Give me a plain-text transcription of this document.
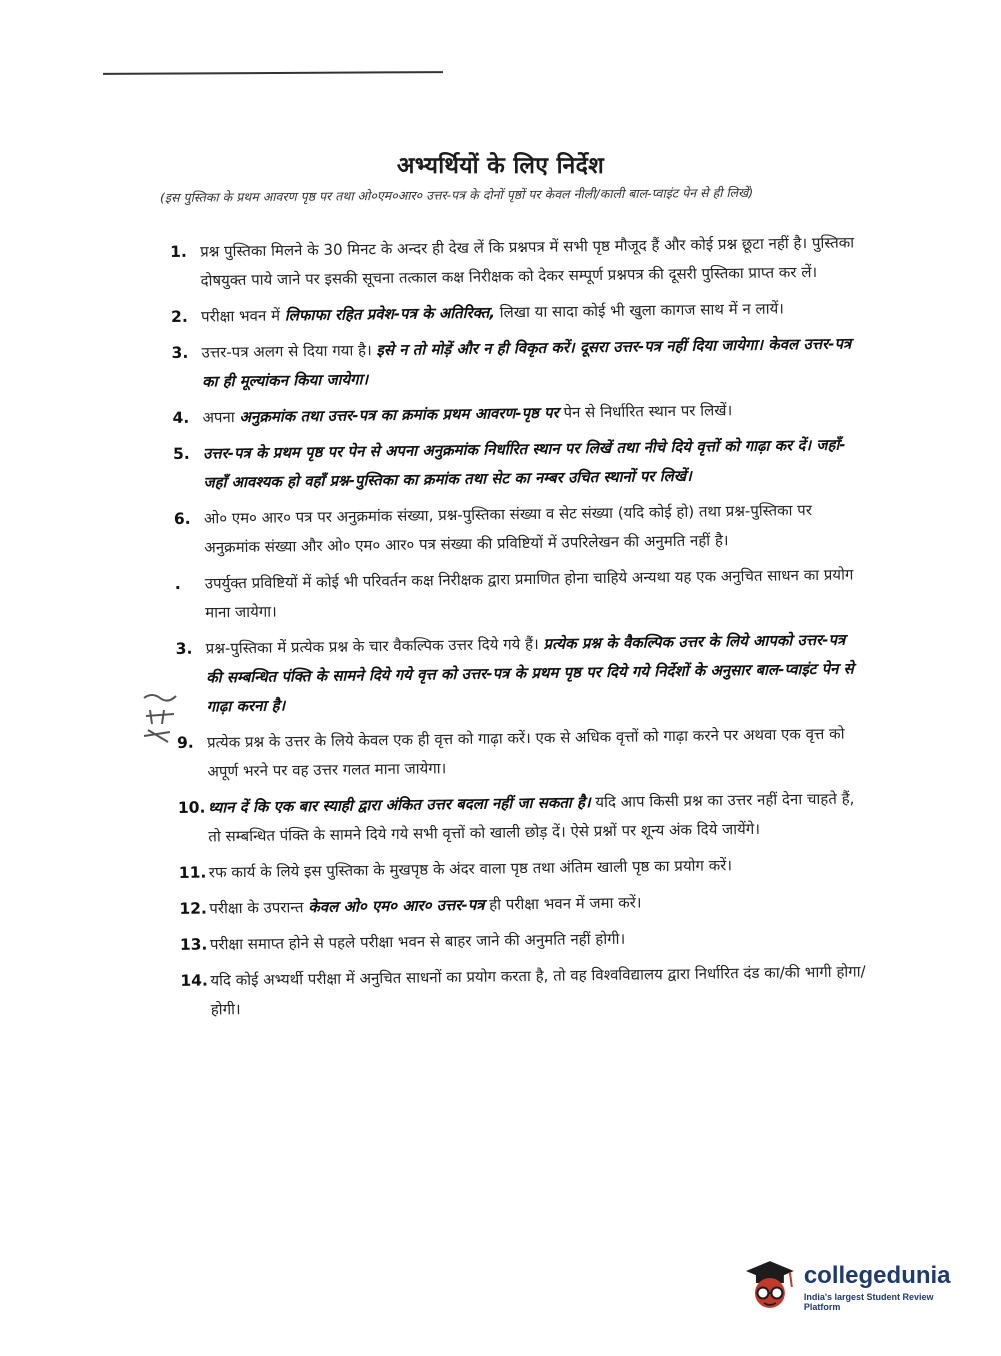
अभ्यर्थियों के लिए निर्देश
(इस पुस्तिका के प्रथम आवरण पृष्ठ पर तथा ओ०एम०आर० उत्तर-पत्र के दोनों पृष्ठों पर केवल नीली/काली बाल-प्वाइंट पेन से ही लिखें)
1. प्रश्न पुस्तिका मिलने के 30 मिनट के अन्दर ही देख लें कि प्रश्नपत्र में सभी पृष्ठ मौजूद हैं और कोई प्रश्न छूटा नहीं है। पुस्तिका दोषयुक्त पाये जाने पर इसकी सूचना तत्काल कक्ष निरीक्षक को देकर सम्पूर्ण प्रश्नपत्र की दूसरी पुस्तिका प्राप्त कर लें।
2. परीक्षा भवन में लिफाफा रहित प्रवेश-पत्र के अतिरिक्त, लिखा या सादा कोई भी खुला कागज साथ में न लायें।
3. उत्तर-पत्र अलग से दिया गया है। इसे न तो मोड़ें और न ही विकृत करें। दूसरा उत्तर-पत्र नहीं दिया जायेगा। केवल उत्तर-पत्र का ही मूल्यांकन किया जायेगा।
4. अपना अनुक्रमांक तथा उत्तर-पत्र का क्रमांक प्रथम आवरण-पृष्ठ पर पेन से निर्धारित स्थान पर लिखें।
5. उत्तर-पत्र के प्रथम पृष्ठ पर पेन से अपना अनुक्रमांक निर्धारित स्थान पर लिखें तथा नीचे दिये वृत्तों को गाढ़ा कर दें। जहाँ-जहाँ आवश्यक हो वहाँ प्रश्न-पुस्तिका का क्रमांक तथा सेट का नम्बर उचित स्थानों पर लिखें।
6. ओ० एम० आर० पत्र पर अनुक्रमांक संख्या, प्रश्न-पुस्तिका संख्या व सेट संख्या (यदि कोई हो) तथा प्रश्न-पुस्तिका पर अनुक्रमांक संख्या और ओ० एम० आर० पत्र संख्या की प्रविष्टियों में उपरिलेखन की अनुमति नहीं है।
.	उपर्युक्त प्रविष्टियों में कोई भी परिवर्तन कक्ष निरीक्षक द्वारा प्रमाणित होना चाहिये अन्यथा यह एक अनुचित साधन का प्रयोग माना जायेगा।
3. प्रश्न-पुस्तिका में प्रत्येक प्रश्न के चार वैकल्पिक उत्तर दिये गये हैं। प्रत्येक प्रश्न के वैकल्पिक उत्तर के लिये आपको उत्तर-पत्र की सम्बन्धित पंक्ति के सामने दिये गये वृत्त को उत्तर-पत्र के प्रथम पृष्ठ पर दिये गये निर्देशों के अनुसार बाल-प्वाइंट पेन से गाढ़ा करना है।
9. प्रत्येक प्रश्न के उत्तर के लिये केवल एक ही वृत्त को गाढ़ा करें। एक से अधिक वृत्तों को गाढ़ा करने पर अथवा एक वृत्त को अपूर्ण भरने पर वह उत्तर गलत माना जायेगा।
10. ध्यान दें कि एक बार स्याही द्वारा अंकित उत्तर बदला नहीं जा सकता है। यदि आप किसी प्रश्न का उत्तर नहीं देना चाहते हैं, तो सम्बन्धित पंक्ति के सामने दिये गये सभी वृत्तों को खाली छोड़ दें। ऐसे प्रश्नों पर शून्य अंक दिये जायेंगे।
11. रफ कार्य के लिये इस पुस्तिका के मुखपृष्ठ के अंदर वाला पृष्ठ तथा अंतिम खाली पृष्ठ का प्रयोग करें।
12. परीक्षा के उपरान्त केवल ओ० एम० आर० उत्तर-पत्र ही परीक्षा भवन में जमा करें।
13. परीक्षा समाप्त होने से पहले परीक्षा भवन से बाहर जाने की अनुमति नहीं होगी।
14. यदि कोई अभ्यर्थी परीक्षा में अनुचित साधनों का प्रयोग करता है, तो वह विश्वविद्यालय द्वारा निर्धारित दंड का/की भागी होगा/होगी।
collegedunia
India's largest Student Review Platform
